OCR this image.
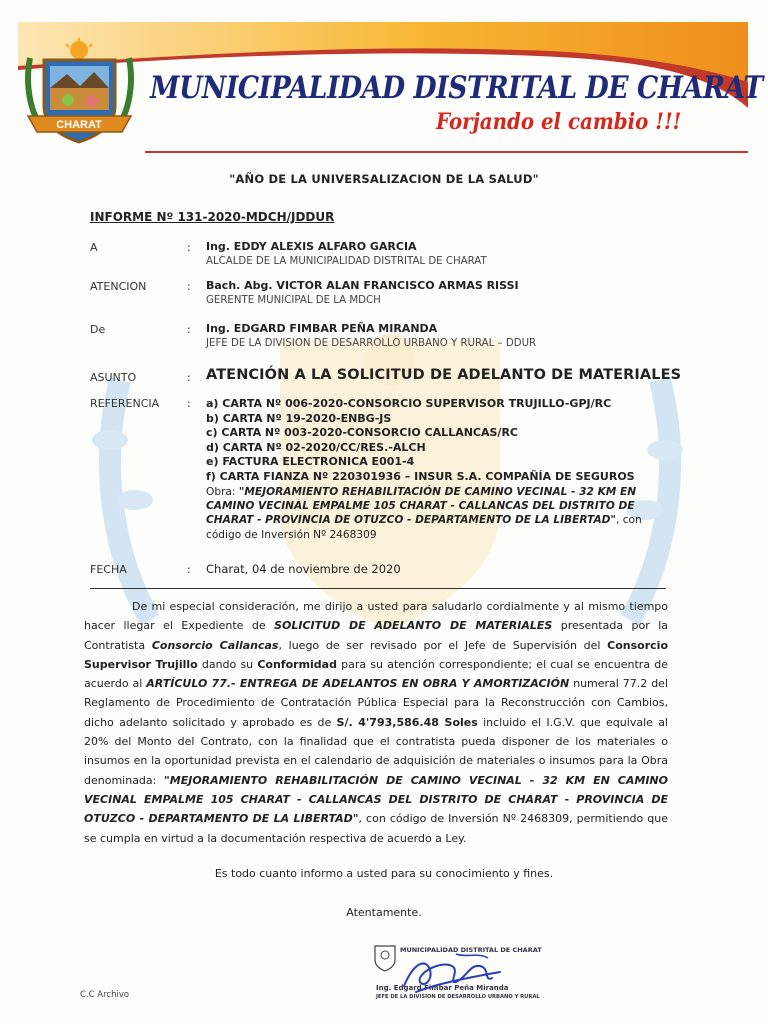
CHARAT
MUNICIPALIDAD DISTRITAL DE CHARAT
Forjando el cambio !!!
"AÑO DE LA UNIVERSALIZACION DE LA SALUD"
INFORME Nº 131-2020-MDCH/JDDUR
A	: Ing. EDDY ALEXIS ALFARO GARCIA
ALCALDE DE LA MUNICIPALIDAD DISTRITAL DE CHARAT
ATENCION	: Bach. Abg. VICTOR ALAN FRANCISCO ARMAS RISSI
GERENTE MUNICIPAL DE LA MDCH
De	: Ing. EDGARD FIMBAR PEÑA MIRANDA
JEFE DE LA DIVISION DE DESARROLLO URBANO Y RURAL – DDUR
ASUNTO	: ATENCIÓN A LA SOLICITUD DE ADELANTO DE MATERIALES
REFERENCIA	: a) CARTA Nº 006-2020-CONSORCIO SUPERVISOR TRUJILLO-GPJ/RC
b) CARTA Nº 19-2020-ENBG-JS
c) CARTA Nº 003-2020-CONSORCIO CALLANCAS/RC
d) CARTA Nº 02-2020/CC/RES.-ALCH
e) FACTURA ELECTRONICA E001-4
f) CARTA FIANZA Nº 220301936 – INSUR S.A. COMPAÑÍA DE SEGUROS
Obra: "MEJORAMIENTO REHABILITACIÓN DE CAMINO VECINAL - 32 KM EN CAMINO VECINAL EMPALME 105 CHARAT - CALLANCAS DEL DISTRITO DE CHARAT - PROVINCIA DE OTUZCO - DEPARTAMENTO DE LA LIBERTAD", con código de Inversión Nº 2468309
FECHA	: Charat, 04 de noviembre de 2020
De mi especial consideración, me dirijo a usted para saludarlo cordialmente y al mismo tiempo hacer llegar el Expediente de SOLICITUD DE ADELANTO DE MATERIALES presentada por la Contratista Consorcio Callancas, luego de ser revisado por el Jefe de Supervisión del Consorcio Supervisor Trujillo dando su Conformidad para su atención correspondiente; el cual se encuentra de acuerdo al ARTÍCULO 77.- ENTREGA DE ADELANTOS EN OBRA Y AMORTIZACIÓN numeral 77.2 del Reglamento de Procedimiento de Contratación Pública Especial para la Reconstrucción con Cambios, dicho adelanto solicitado y aprobado es de S/. 4'793,586.48 Soles incluido el I.G.V. que equivale al 20% del Monto del Contrato, con la finalidad que el contratista pueda disponer de los materiales o insumos en la oportunidad prevista en el calendario de adquisición de materiales o insumos para la Obra denominada: "MEJORAMIENTO REHABILITACIÓN DE CAMINO VECINAL - 32 KM EN CAMINO VECINAL EMPALME 105 CHARAT - CALLANCAS DEL DISTRITO DE CHARAT - PROVINCIA DE OTUZCO - DEPARTAMENTO DE LA LIBERTAD", con código de Inversión Nº 2468309, permitiendo que se cumpla en virtud a la documentación respectiva de acuerdo a Ley.
Es todo cuanto informo a usted para su conocimiento y fines.
Atentamente.
MUNICIPALIDAD DISTRITAL DE CHARAT
Ing. Edgard Fimbar Peña Miranda
JEFE DE LA DIVISION DE DESARROLLO URBANO Y RURAL
C.C Archivo
